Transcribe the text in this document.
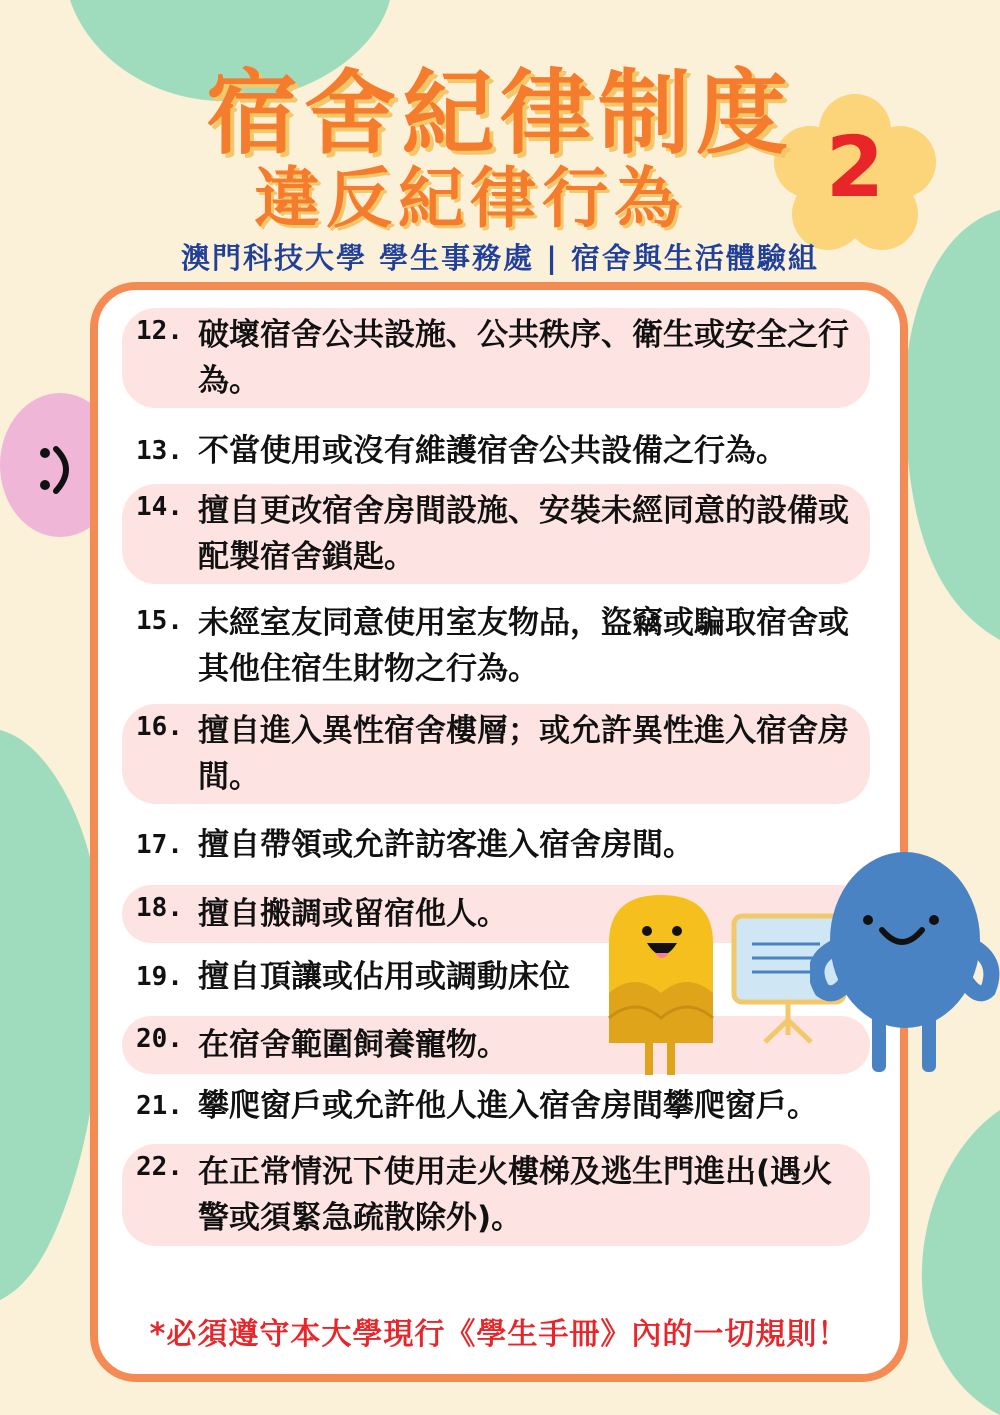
2
宿舍紀律制度
違反紀律行為
澳門科技大學 學生事務處 | 宿舍與生活體驗組
12. 破壞宿舍公共設施、公共秩序、衛生或安全之行為。
13. 不當使用或沒有維護宿舍公共設備之行為。
14. 擅自更改宿舍房間設施、安裝未經同意的設備或配製宿舍鎖匙。
15. 未經室友同意使用室友物品，盜竊或騙取宿舍或其他住宿生財物之行為。
16. 擅自進入異性宿舍樓層；或允許異性進入宿舍房間。
17. 擅自帶領或允許訪客進入宿舍房間。
18. 擅自搬調或留宿他人。
19. 擅自頂讓或佔用或調動床位
20. 在宿舍範圍飼養寵物。
21. 攀爬窗戶或允許他人進入宿舍房間攀爬窗戶。
22. 在正常情況下使用走火樓梯及逃生門進出(遇火警或須緊急疏散除外)。
*必須遵守本大學現行《學生手冊》內的一切規則！
